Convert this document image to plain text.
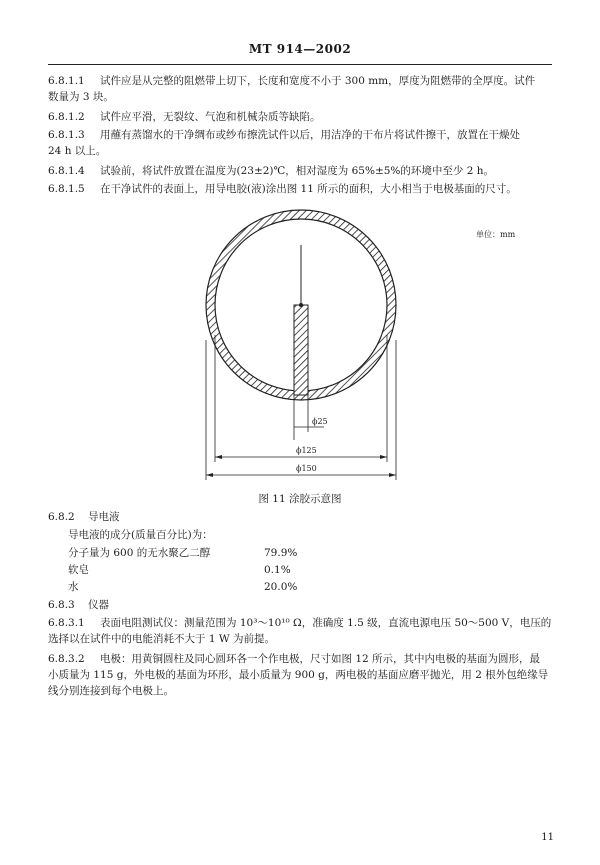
MT 914—2002
6.8.1.1 试件应是从完整的阻燃带上切下，长度和宽度不小于 300 mm，厚度为阻燃带的全厚度。试件
数量为 3 块。
6.8.1.2 试件应平滑，无裂纹、气泡和机械杂质等缺陷。
6.8.1.3 用蘸有蒸馏水的干净绸布或纱布擦洗试件以后，用洁净的干布片将试件擦干，放置在干燥处
24 h 以上。
6.8.1.4 试验前，将试件放置在温度为(23±2)℃，相对湿度为 65%±5%的环境中至少 2 h。
6.8.1.5 在干净试件的表面上，用导电胶(液)涂出图 11 所示的面积，大小相当于电极基面的尺寸。
单位：mm
ϕ25
ϕ125
ϕ150
图 11 涂胶示意图
6.8.2 导电液
导电液的成分(质量百分比)为：
分子量为 600 的无水聚乙二醇	79.9%
软皂	0.1%
水	20.0%
6.8.3 仪器
6.8.3.1 表面电阻测试仪：测量范围为 10³～10¹⁰ Ω，准确度 1.5 级，直流电源电压 50～500 V，电压的
选择以在试件中的电能消耗不大于 1 W 为前提。
6.8.3.2 电极：用黄铜圆柱及同心圆环各一个作电极，尺寸如图 12 所示，其中内电极的基面为圆形，最
小质量为 115 g，外电极的基面为环形，最小质量为 900 g，两电极的基面应磨平抛光，用 2 根外包绝缘导
线分别连接到每个电极上。
11
